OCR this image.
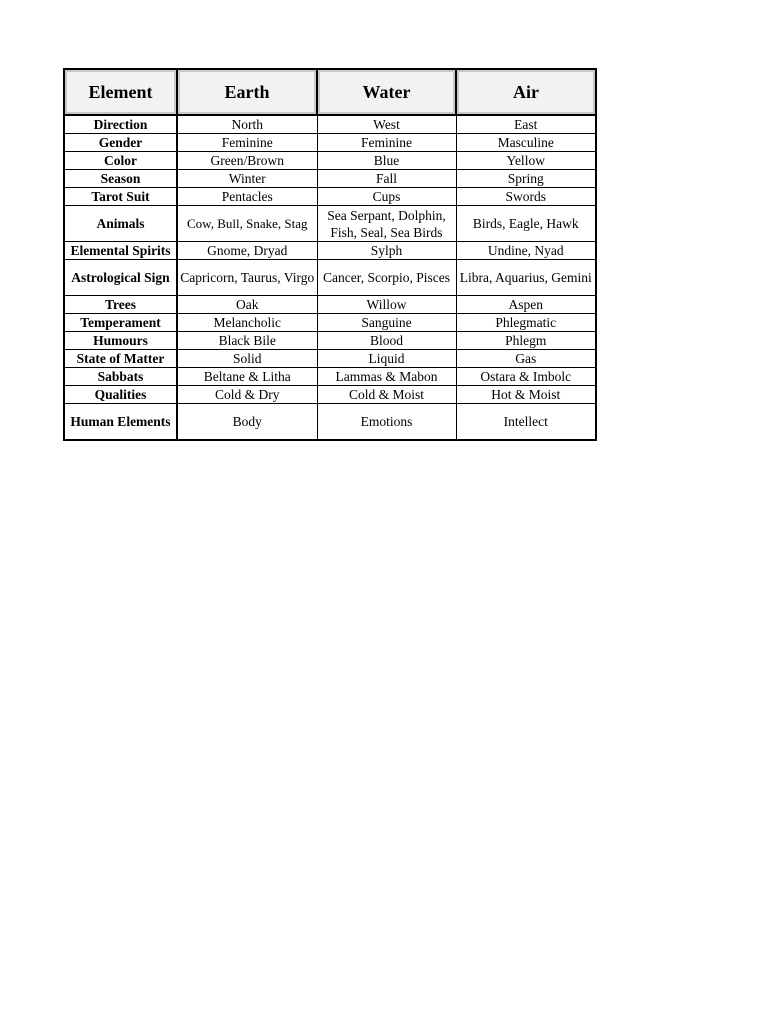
Element	Earth	Water	Air
Direction	North	West	East
Gender	Feminine	Feminine	Masculine
Color	Green/Brown	Blue	Yellow
Season	Winter	Fall	Spring
Tarot Suit	Pentacles	Cups	Swords
Animals	Cow, Bull, Snake, Stag	Sea Serpant, Dolphin, Fish, Seal, Sea Birds	Birds, Eagle, Hawk
Elemental Spirits	Gnome, Dryad	Sylph	Undine, Nyad
Astrological Sign	Capricorn, Taurus, Virgo	Cancer, Scorpio, Pisces	Libra, Aquarius, Gemini
Trees	Oak	Willow	Aspen
Temperament	Melancholic	Sanguine	Phlegmatic
Humours	Black Bile	Blood	Phlegm
State of Matter	Solid	Liquid	Gas
Sabbats	Beltane & Litha	Lammas & Mabon	Ostara & Imbolc
Qualities	Cold & Dry	Cold & Moist	Hot & Moist
Human Elements	Body	Emotions	Intellect
